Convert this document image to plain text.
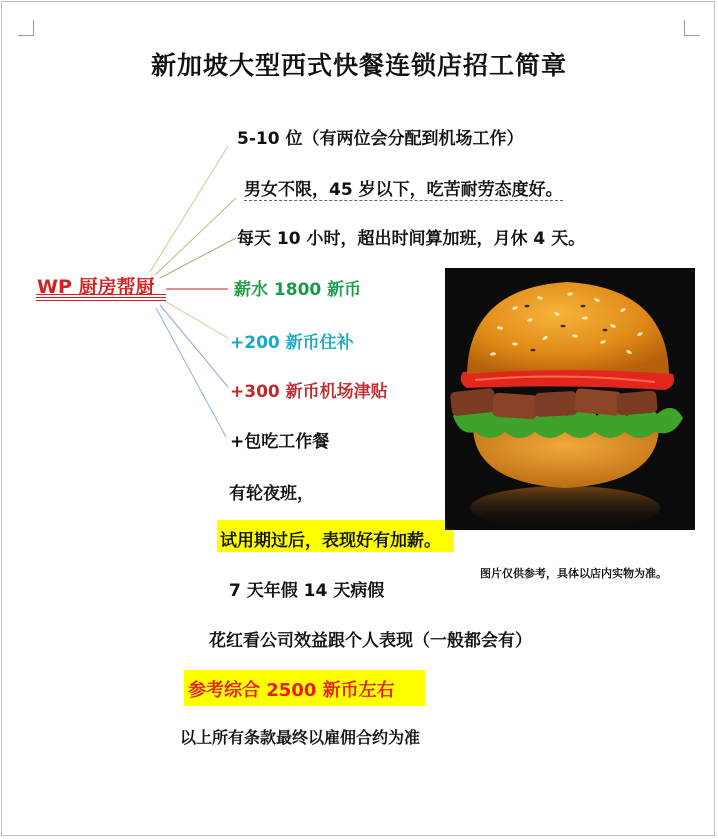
新加坡大型西式快餐连锁店招工简章
WP 厨房帮厨
5-10 位（有两位会分配到机场工作）
男女不限，45 岁以下，吃苦耐劳态度好。
每天 10 小时，超出时间算加班，月休 4 天。
薪水 1800 新币
+200 新币住补
+300 新币机场津贴
+包吃工作餐
有轮夜班，
试用期过后，表现好有加薪。
7 天年假 14 天病假
花红看公司效益跟个人表现（一般都会有）
参考综合 2500 新币左右
以上所有条款最终以雇佣合约为准
图片仅供参考，具体以店内实物为准。
